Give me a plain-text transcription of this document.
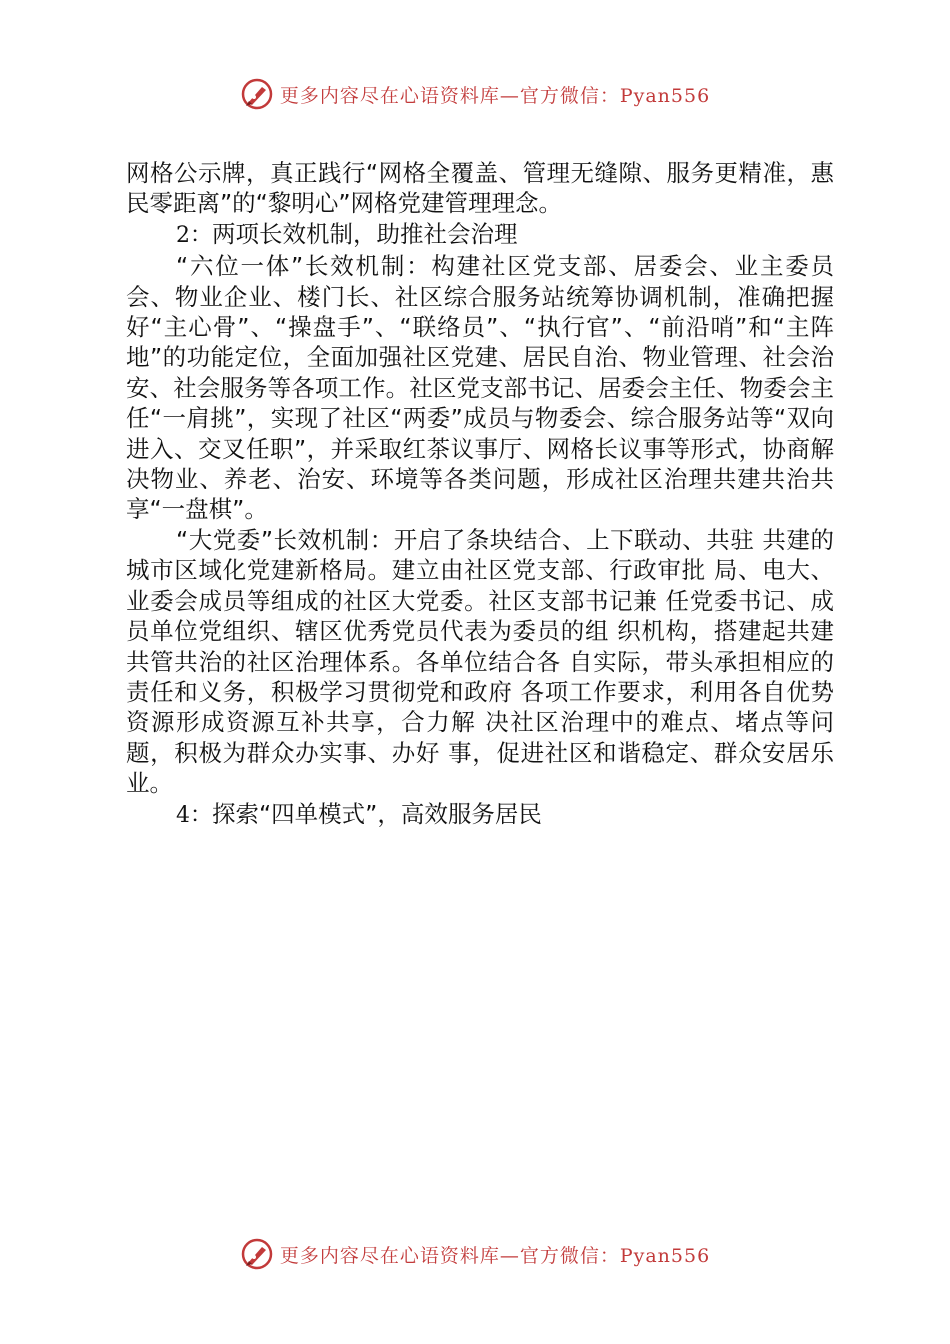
更多内容尽在心语资料库—官方微信：Pyan556

网格公示牌，真正践行“网格全覆盖、管理无缝隙、服务更精准，惠民零距离”的“黎明心”网格党建管理理念。

2：两项长效机制，助推社会治理

“六位一体”长效机制：构建社区党支部、居委会、业主委员会、物业企业、楼门长、社区综合服务站统筹协调机制，准确把握好“主心骨”、“操盘手”、“联络员”、“执行官”、“前沿哨”和“主阵地”的功能定位，全面加强社区党建、居民自治、物业管理、社会治安、社会服务等各项工作。社区党支部书记、居委会主任、物委会主任“一肩挑”，实现了社区“两委”成员与物委会、综合服务站等“双向进入、交叉任职”，并采取红茶议事厅、网格长议事等形式，协商解决物业、养老、治安、环境等各类问题，形成社区治理共建共治共享“一盘棋”。

“大党委”长效机制：开启了条块结合、上下联动、共驻 共建的城市区域化党建新格局。建立由社区党支部、行政审批 局、电大、业委会成员等组成的社区大党委。社区支部书记兼 任党委书记、成员单位党组织、辖区优秀党员代表为委员的组 织机构，搭建起共建共管共治的社区治理体系。各单位结合各 自实际，带头承担相应的责任和义务，积极学习贯彻党和政府 各项工作要求，利用各自优势资源形成资源互补共享，合力解 决社区治理中的难点、堵点等问题，积极为群众办实事、办好 事，促进社区和谐稳定、群众安居乐业。

4：探索“四单模式”，高效服务居民

更多内容尽在心语资料库—官方微信：Pyan556
